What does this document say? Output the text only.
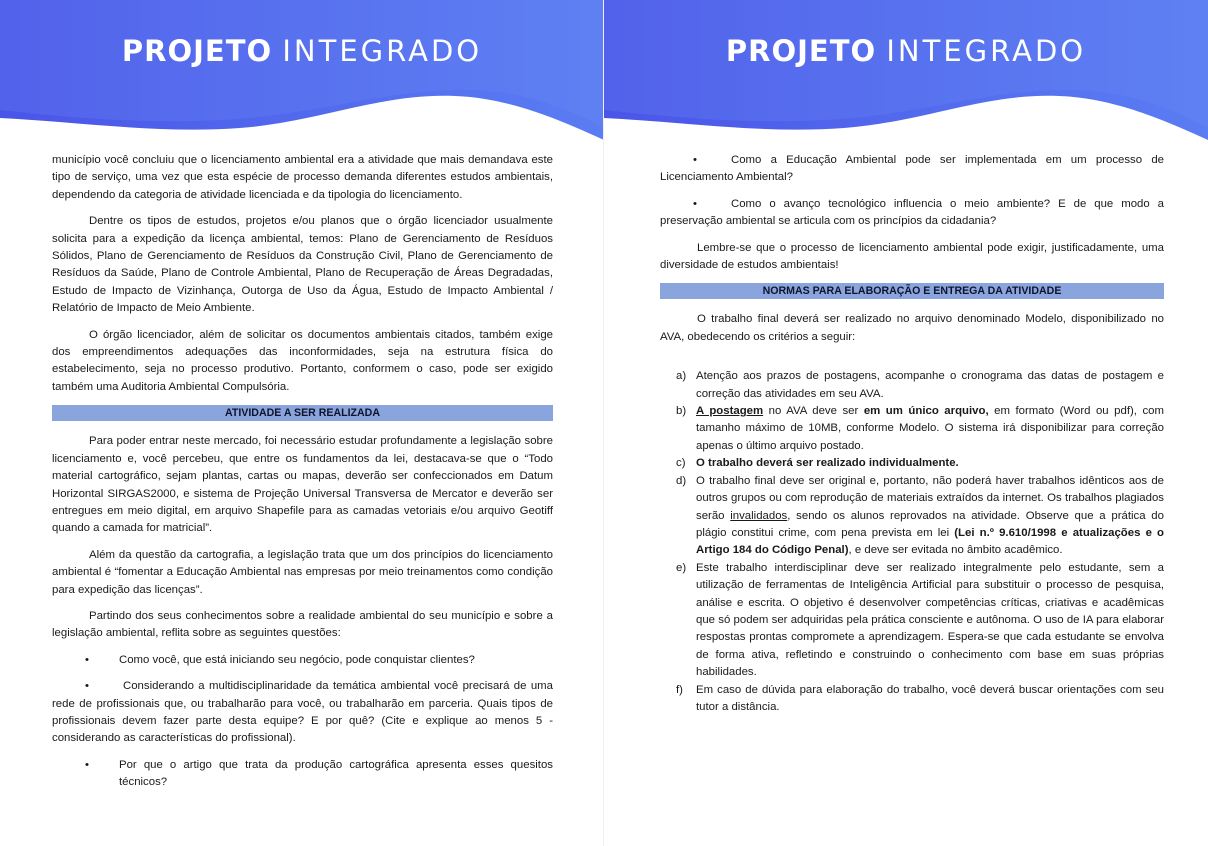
PROJETO INTEGRADO

município você concluiu que o licenciamento ambiental era a atividade que mais demandava este tipo de serviço, uma vez que esta espécie de processo demanda diferentes estudos ambientais, dependendo da categoria de atividade licenciada e da tipologia do licenciamento.

Dentre os tipos de estudos, projetos e/ou planos que o órgão licenciador usualmente solicita para a expedição da licença ambiental, temos: Plano de Gerenciamento de Resíduos Sólidos, Plano de Gerenciamento de Resíduos da Construção Civil, Plano de Gerenciamento de Resíduos da Saúde, Plano de Controle Ambiental, Plano de Recuperação de Áreas Degradadas, Estudo de Impacto de Vizinhança, Outorga de Uso da Água, Estudo de Impacto Ambiental / Relatório de Impacto de Meio Ambiente.

O órgão licenciador, além de solicitar os documentos ambientais citados, também exige dos empreendimentos adequações das inconformidades, seja na estrutura física do estabelecimento, seja no processo produtivo. Portanto, conformem o caso, pode ser exigido também uma Auditoria Ambiental Compulsória.

ATIVIDADE A SER REALIZADA

Para poder entrar neste mercado, foi necessário estudar profundamente a legislação sobre licenciamento e, você percebeu, que entre os fundamentos da lei, destacava-se que o “Todo material cartográfico, sejam plantas, cartas ou mapas, deverão ser confeccionados em Datum Horizontal SIRGAS2000, e sistema de Projeção Universal Transversa de Mercator e deverão ser entregues em meio digital, em arquivo Shapefile para as camadas vetoriais e/ou arquivo Geotiff quando a camada for matricial”.

Além da questão da cartografia, a legislação trata que um dos princípios do licenciamento ambiental é “fomentar a Educação Ambiental nas empresas por meio treinamentos como condição para expedição das licenças”.

Partindo dos seus conhecimentos sobre a realidade ambiental do seu município e sobre a legislação ambiental, reflita sobre as seguintes questões:

•	Como você, que está iniciando seu negócio, pode conquistar clientes?
•	Considerando a multidisciplinaridade da temática ambiental você precisará de uma rede de profissionais que, ou trabalharão para você, ou trabalharão em parceria. Quais tipos de profissionais devem fazer parte desta equipe? E por quê? (Cite e explique ao menos 5 - considerando as características do profissional).
•	Por que o artigo que trata da produção cartográfica apresenta esses quesitos técnicos?
PROJETO INTEGRADO
•	Como a Educação Ambiental pode ser implementada em um processo de Licenciamento Ambiental?
•	Como o avanço tecnológico influencia o meio ambiente? E de que modo a preservação ambiental se articula com os princípios da cidadania?

Lembre-se que o processo de licenciamento ambiental pode exigir, justificadamente, uma diversidade de estudos ambientais!

NORMAS PARA ELABORAÇÃO E ENTREGA DA ATIVIDADE

O trabalho final deverá ser realizado no arquivo denominado Modelo, disponibilizado no AVA, obedecendo os critérios a seguir:

a) Atenção aos prazos de postagens, acompanhe o cronograma das datas de postagem e correção das atividades em seu AVA.
b) A postagem no AVA deve ser em um único arquivo, em formato (Word ou pdf), com tamanho máximo de 10MB, conforme Modelo. O sistema irá disponibilizar para correção apenas o último arquivo postado.
c) O trabalho deverá ser realizado individualmente.
d) O trabalho final deve ser original e, portanto, não poderá haver trabalhos idênticos aos de outros grupos ou com reprodução de materiais extraídos da internet. Os trabalhos plagiados serão invalidados, sendo os alunos reprovados na atividade. Observe que a prática do plágio constitui crime, com pena prevista em lei (Lei n.º 9.610/1998 e atualizações e o Artigo 184 do Código Penal), e deve ser evitada no âmbito acadêmico.
e) Este trabalho interdisciplinar deve ser realizado integralmente pelo estudante, sem a utilização de ferramentas de Inteligência Artificial para substituir o processo de pesquisa, análise e escrita. O objetivo é desenvolver competências críticas, criativas e acadêmicas que só podem ser adquiridas pela prática consciente e autônoma. O uso de IA para elaborar respostas prontas compromete a aprendizagem. Espera-se que cada estudante se envolva de forma ativa, refletindo e construindo o conhecimento com base em suas próprias habilidades.
f)	Em caso de dúvida para elaboração do trabalho, você deverá buscar orientações com seu tutor a distância.
